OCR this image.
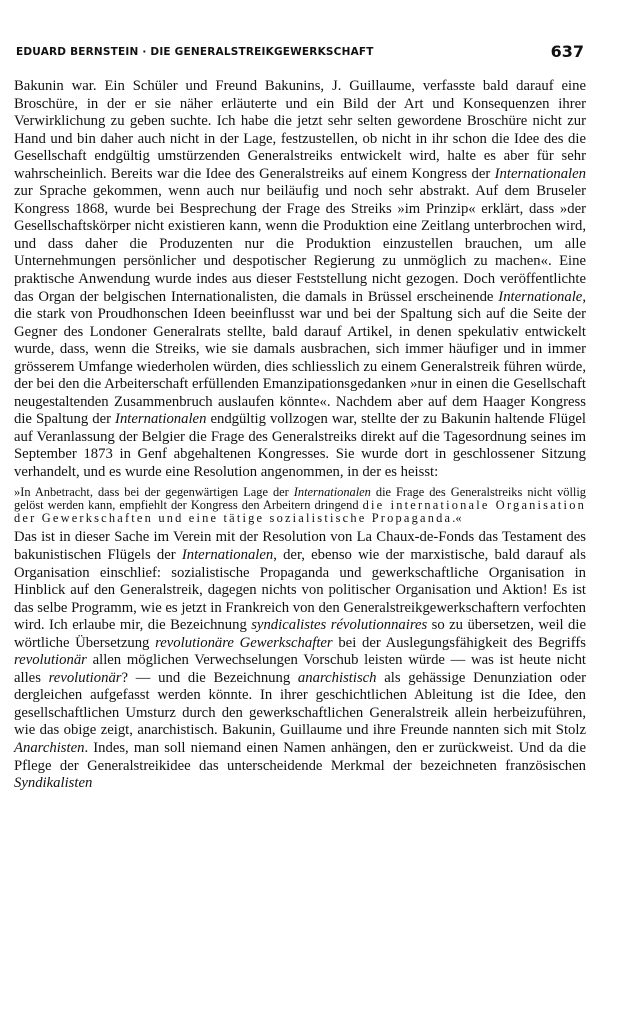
EDUARD BERNSTEIN · DIE GENERALSTREIKGEWERKSCHAFT	637

Bakunin war. Ein Schüler und Freund Bakunins, J. Guillaume, verfasste bald darauf eine Broschüre, in der er sie näher erläuterte und ein Bild der Art und Konsequenzen ihrer Verwirklichung zu geben suchte. Ich habe die jetzt sehr selten gewordene Broschüre nicht zur Hand und bin daher auch nicht in der Lage, festzustellen, ob nicht in ihr schon die Idee des die Gesellschaft endgültig umstürzenden Generalstreiks entwickelt wird, halte es aber für sehr wahrscheinlich. Bereits war die Idee des Generalstreiks auf einem Kongress der Internationalen zur Sprache gekommen, wenn auch nur beiläufig und noch sehr abstrakt. Auf dem Bruseler Kongress 1868, wurde bei Besprechung der Frage des Streiks »im Prinzip« erklärt, dass »der Gesellschaftskörper nicht existieren kann, wenn die Produktion eine Zeitlang unterbrochen wird, und dass daher die Produzenten nur die Produktion einzustellen brauchen, um alle Unternehmungen persönlicher und despotischer Regierung zu unmöglich zu machen«. Eine praktische Anwendung wurde indes aus dieser Feststellung nicht gezogen. Doch veröffentlichte das Organ der belgischen Internationalisten, die damals in Brüssel erscheinende Internationale, die stark von Proudhonschen Ideen beeinflusst war und bei der Spaltung sich auf die Seite der Gegner des Londoner Generalrats stellte, bald darauf Artikel, in denen spekulativ entwickelt wurde, dass, wenn die Streiks, wie sie damals ausbrachen, sich immer häufiger und in immer grösserem Umfange wiederholen würden, dies schliesslich zu einem Generalstreik führen würde, der bei den die Arbeiterschaft erfüllenden Emanzipationsgedanken »nur in einen die Gesellschaft neugestaltenden Zusammenbruch auslaufen könnte«. Nachdem aber auf dem Haager Kongress die Spaltung der Internationalen endgültig vollzogen war, stellte der zu Bakunin haltende Flügel auf Veranlassung der Belgier die Frage des Generalstreiks direkt auf die Tagesordnung seines im September 1873 in Genf abgehaltenen Kongresses. Sie wurde dort in geschlossener Sitzung verhandelt, und es wurde eine Resolution angenommen, in der es heisst:

»In Anbetracht, dass bei der gegenwärtigen Lage der Internationalen die Frage des Generalstreiks nicht völlig gelöst werden kann, empfiehlt der Kongress den Arbeitern dringend die internationale Organisation der Gewerkschaften und eine tätige sozialistische Propaganda.«

Das ist in dieser Sache im Verein mit der Resolution von La Chaux-de-Fonds das Testament des bakunistischen Flügels der Internationalen, der, ebenso wie der marxistische, bald darauf als Organisation einschlief: sozialistische Propaganda und gewerkschaftliche Organisation in Hinblick auf den Generalstreik, dagegen nichts von politischer Organisation und Aktion! Es ist das selbe Programm, wie es jetzt in Frankreich von den Generalstreikgewerkschaftern verfochten wird. Ich erlaube mir, die Bezeichnung syndicalistes révolutionnaires so zu übersetzen, weil die wörtliche Übersetzung revolutionäre Gewerkschafter bei der Auslegungsfähigkeit des Begriffs revolutionär allen möglichen Verwechselungen Vorschub leisten würde — was ist heute nicht alles revolutionär? — und die Bezeichnung anarchistisch als gehässige Denunziation oder dergleichen aufgefasst werden könnte. In ihrer geschichtlichen Ableitung ist die Idee, den gesellschaftlichen Umsturz durch den gewerkschaftlichen Generalstreik allein herbeizuführen, wie das obige zeigt, anarchistisch. Bakunin, Guillaume und ihre Freunde nannten sich mit Stolz Anarchisten. Indes, man soll niemand einen Namen anhängen, den er zurückweist. Und da die Pflege der Generalstreikidee das unterscheidende Merkmal der bezeichneten französischen Syndikalisten
